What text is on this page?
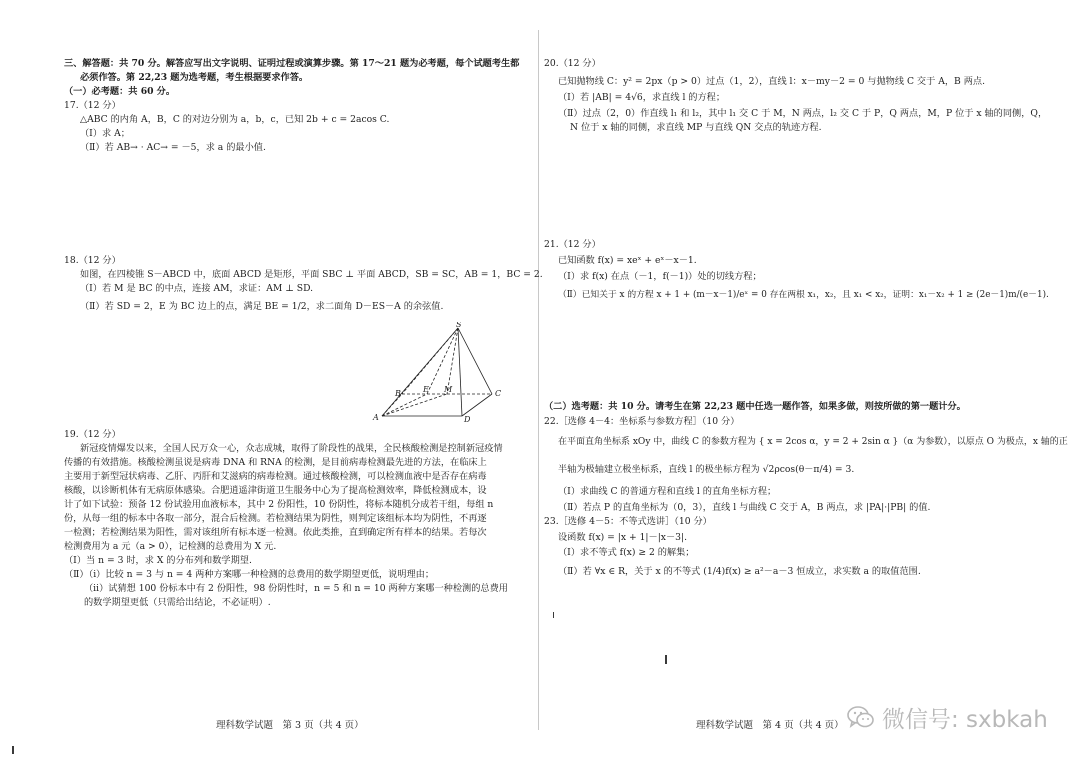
三、解答题：共 70 分。解答应写出文字说明、证明过程或演算步骤。第 17～21 题为必考题，每个试题考生都
必须作答。第 22,23 题为选考题，考生根据要求作答。
（一）必考题：共 60 分。
17.（12 分）
△ABC 的内角 A，B，C 的对边分别为 a，b，c，已知 2b + c = 2acos C.
（Ⅰ）求 A；
（Ⅱ）若 AB→ · AC→ = －5，求 a 的最小值.
18.（12 分）
如图，在四棱锥 S－ABCD 中，底面 ABCD 是矩形，平面 SBC ⊥ 平面 ABCD，SB = SC，AB = 1，BC = 2.
（Ⅰ）若 M 是 BC 的中点，连接 AM，求证：AM ⊥ SD.
（Ⅱ）若 SD = 2，E 为 BC 边上的点，满足 BE = 1/2，求二面角 D－ES－A 的余弦值.
S
A
B	C
D
E M
19.（12 分）
新冠疫情爆发以来，全国人民万众一心，众志成城，取得了阶段性的战果，全民核酸检测是控制新冠疫情
传播的有效措施。核酸检测虽说是病毒 DNA 和 RNA 的检测，是目前病毒检测最先进的方法，在临床上
主要用于新型冠状病毒、乙肝、丙肝和艾滋病的病毒检测。通过核酸检测，可以检测血液中是否存在病毒
核酸，以诊断机体有无病原体感染。合肥逍遥津街道卫生服务中心为了提高检测效率，降低检测成本，设
计了如下试验：预备 12 份试验用血液标本，其中 2 份阳性，10 份阴性，将标本随机分成若干组，每组 n
份，从每一组的标本中各取一部分，混合后检测。若检测结果为阴性，则判定该组标本均为阴性，不再逐
一检测；若检测结果为阳性，需对该组所有标本逐一检测。依此类推，直到确定所有样本的结果。若每次
检测费用为 a 元（a > 0），记检测的总费用为 X 元.
（Ⅰ）当 n = 3 时，求 X 的分布列和数学期望.
（Ⅱ）（ⅰ）比较 n = 3 与 n = 4 两种方案哪一种检测的总费用的数学期望更低，说明理由；
（ⅱ）试猜想 100 份标本中有 2 份阳性，98 份阴性时，n = 5 和 n = 10 两种方案哪一种检测的总费用
的数学期望更低（只需给出结论，不必证明）.
理科数学试题　第 3 页（共 4 页）
20.（12 分）
已知抛物线 C：y² = 2px（p > 0）过点（1，2），直线 l：x－my－2 = 0 与抛物线 C 交于 A，B 两点.
（Ⅰ）若 |AB| = 4√6，求直线 l 的方程；
（Ⅱ）过点（2，0）作直线 l₁ 和 l₂，其中 l₁ 交 C 于 M，N 两点，l₂ 交 C 于 P，Q 两点，M，P 位于 x 轴的同侧，Q，
N 位于 x 轴的同侧，求直线 MP 与直线 QN 交点的轨迹方程.
21.（12 分）
已知函数 f(x) = xeˣ + eˣ－x－1.
（Ⅰ）求 f(x) 在点（－1，f(－1)）处的切线方程；
（Ⅱ）已知关于 x 的方程 x + 1 + (m－x－1)/eˣ = 0 存在两根 x₁，x₂，且 x₁ < x₂，证明：x₁－x₂ + 1 ≥ (2e－1)m/(e－1).
（二）选考题：共 10 分。请考生在第 22,23 题中任选一题作答，如果多做，则按所做的第一题计分。
22.［选修 4－4：坐标系与参数方程］（10 分）
在平面直角坐标系 xOy 中，曲线 C 的参数方程为 { x = 2cos α，y = 2 + 2sin α }（α 为参数），以原点 O 为极点，x 轴的正
半轴为极轴建立极坐标系，直线 l 的极坐标方程为 √2ρcos(θ－π/4) = 3.
（Ⅰ）求曲线 C 的普通方程和直线 l 的直角坐标方程；
（Ⅱ）若点 P 的直角坐标为（0，3），直线 l 与曲线 C 交于 A，B 两点，求 |PA|·|PB| 的值.
23.［选修 4－5：不等式选讲］（10 分）
设函数 f(x) = |x + 1|－|x－3|.
（Ⅰ）求不等式 f(x) ≥ 2 的解集；
（Ⅱ）若 ∀x ∈ R，关于 x 的不等式 (1/4)f(x) ≥ a²－a－3 恒成立，求实数 a 的取值范围.
理科数学试题　第 4 页（共 4 页） 微信号: sxbkah
